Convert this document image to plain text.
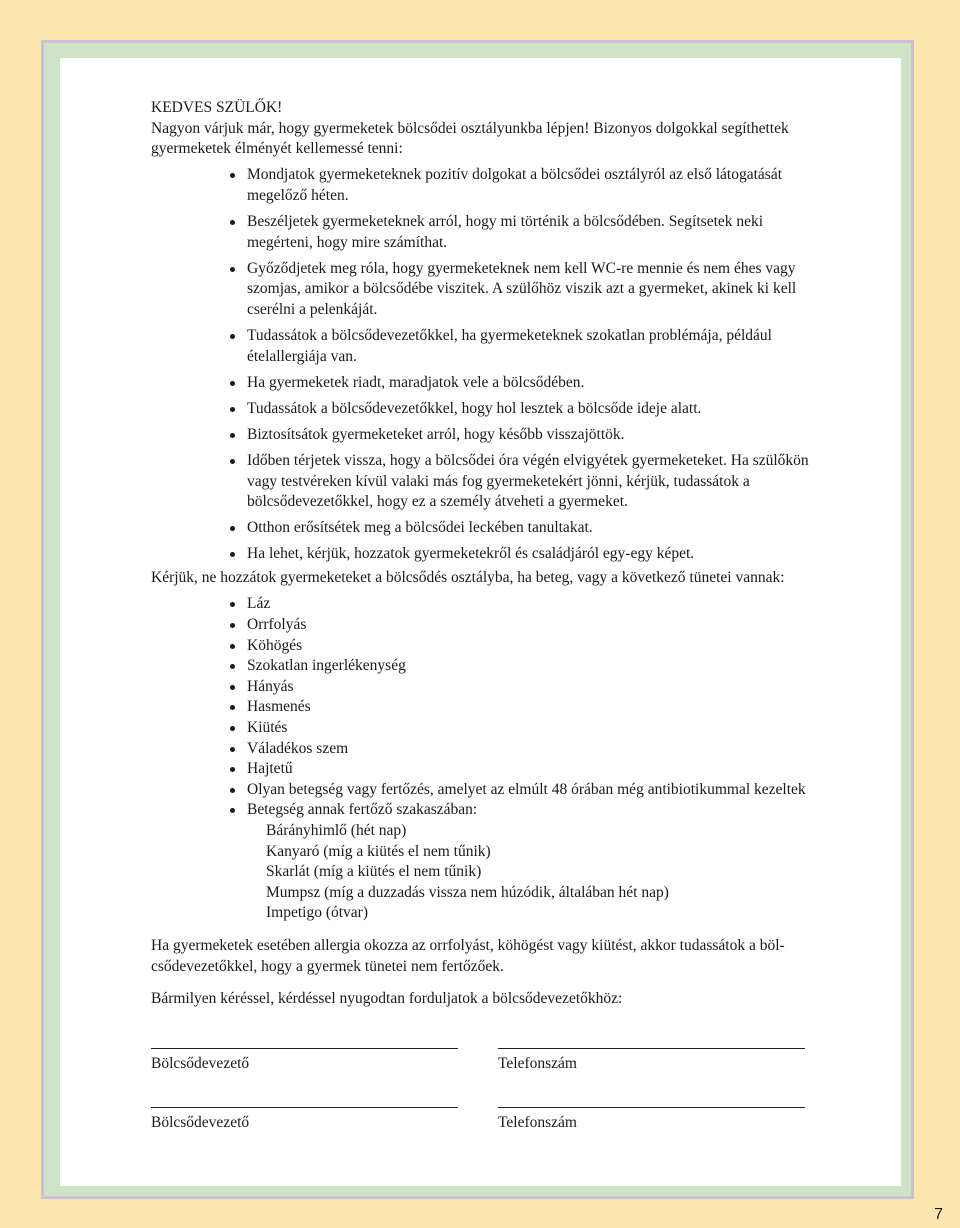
KEDVES SZÜLŐK!

Nagyon várjuk már, hogy gyermeketek bölcsődei osztályunkba lépjen! Bizonyos dolgokkal segíthettek gyermeketek élményét kellemessé tenni:

Mondjatok gyermeketeknek pozitív dolgokat a bölcsődei osztályról az első látogatását megelőző héten.
Beszéljetek gyermeketeknek arról, hogy mi történik a bölcsődében. Segítsetek neki megérteni, hogy mire számíthat.
Győződjetek meg róla, hogy gyermeketeknek nem kell WC-re mennie és nem éhes vagy szomjas, amikor a bölcsődébe viszitek. A szülőhöz viszik azt a gyermeket, akinek ki kell cserélni a pelenkáját.
Tudassátok a bölcsődevezetőkkel, ha gyermeketeknek szokatlan problémája, például ételallergiája van.
Ha gyermeketek riadt, maradjatok vele a bölcsődében.
Tudassátok a bölcsődevezetőkkel, hogy hol lesztek a bölcsőde ideje alatt.
Biztosítsátok gyermeketeket arról, hogy később visszajöttök.
Időben térjetek vissza, hogy a bölcsődei óra végén elvigyétek gyermeketeket. Ha szülőkön vagy testvéreken kívül valaki más fog gyermeketekért jönni, kérjük, tudassátok a bölcsődevezetőkkel, hogy ez a személy átveheti a gyermeket.
Otthon erősítsétek meg a bölcsődei leckében tanultakat.
Ha lehet, kérjük, hozzatok gyermeketekről és családjáról egy-egy képet.

Kérjük, ne hozzátok gyermeketeket a bölcsődés osztályba, ha beteg, vagy a következő tünetei vannak:

Láz
Orrfolyás
Köhögés
Szokatlan ingerlékenység
Hányás
Hasmenés
Kiütés
Váladékos szem
Hajtetű
Olyan betegség vagy fertőzés, amelyet az elmúlt 48 órában még antibiotikummal kezeltek
Betegség annak fertőző szakaszában:
Bárányhimlő (hét nap)
Kanyaró (míg a kiütés el nem tűnik)
Skarlát (míg a kiütés el nem tűnik)
Mumpsz (míg a duzzadás vissza nem húzódik, általában hét nap)
Impetigo (ótvar)

Ha gyermeketek esetében allergia okozza az orrfolyást, köhögést vagy kiütést, akkor tudassátok a bölcsődevezetőkkel, hogy a gyermek tünetei nem fertőzőek.

Bármilyen kéréssel, kérdéssel nyugodtan forduljatok a bölcsődevezetőkhöz:

Bölcsődevezető	Telefonszám
Bölcsődevezető	Telefonszám
7
